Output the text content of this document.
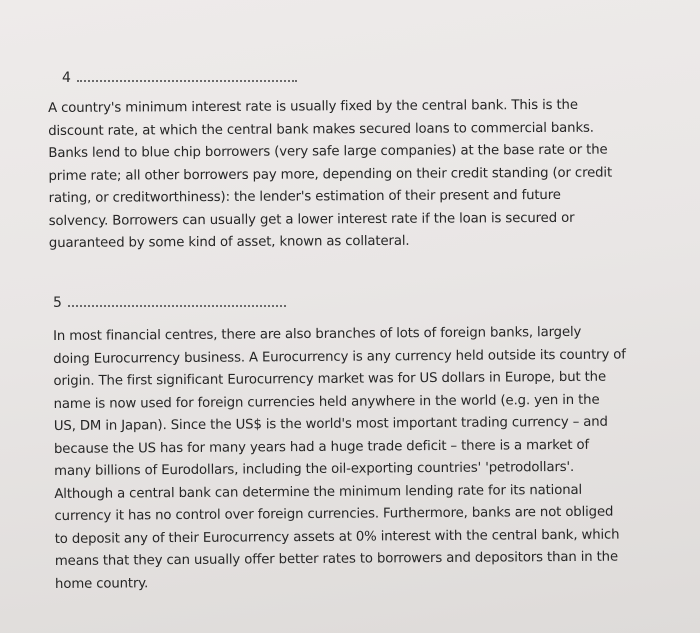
4
A country's minimum interest rate is usually fixed by the central bank. This is the
discount rate, at which the central bank makes secured loans to commercial banks.
Banks lend to blue chip borrowers (very safe large companies) at the base rate or the
prime rate; all other borrowers pay more, depending on their credit standing (or credit
rating, or creditworthiness): the lender's estimation of their present and future
solvency. Borrowers can usually get a lower interest rate if the loan is secured or
guaranteed by some kind of asset, known as collateral.
5
In most financial centres, there are also branches of lots of foreign banks, largely
doing Eurocurrency business. A Eurocurrency is any currency held outside its country of
origin. The first significant Eurocurrency market was for US dollars in Europe, but the
name is now used for foreign currencies held anywhere in the world (e.g. yen in the
US, DM in Japan). Since the US$ is the world's most important trading currency – and
because the US has for many years had a huge trade deficit – there is a market of
many billions of Eurodollars, including the oil-exporting countries' 'petrodollars'.
Although a central bank can determine the minimum lending rate for its national
currency it has no control over foreign currencies. Furthermore, banks are not obliged
to deposit any of their Eurocurrency assets at 0% interest with the central bank, which
means that they can usually offer better rates to borrowers and depositors than in the
home country.
